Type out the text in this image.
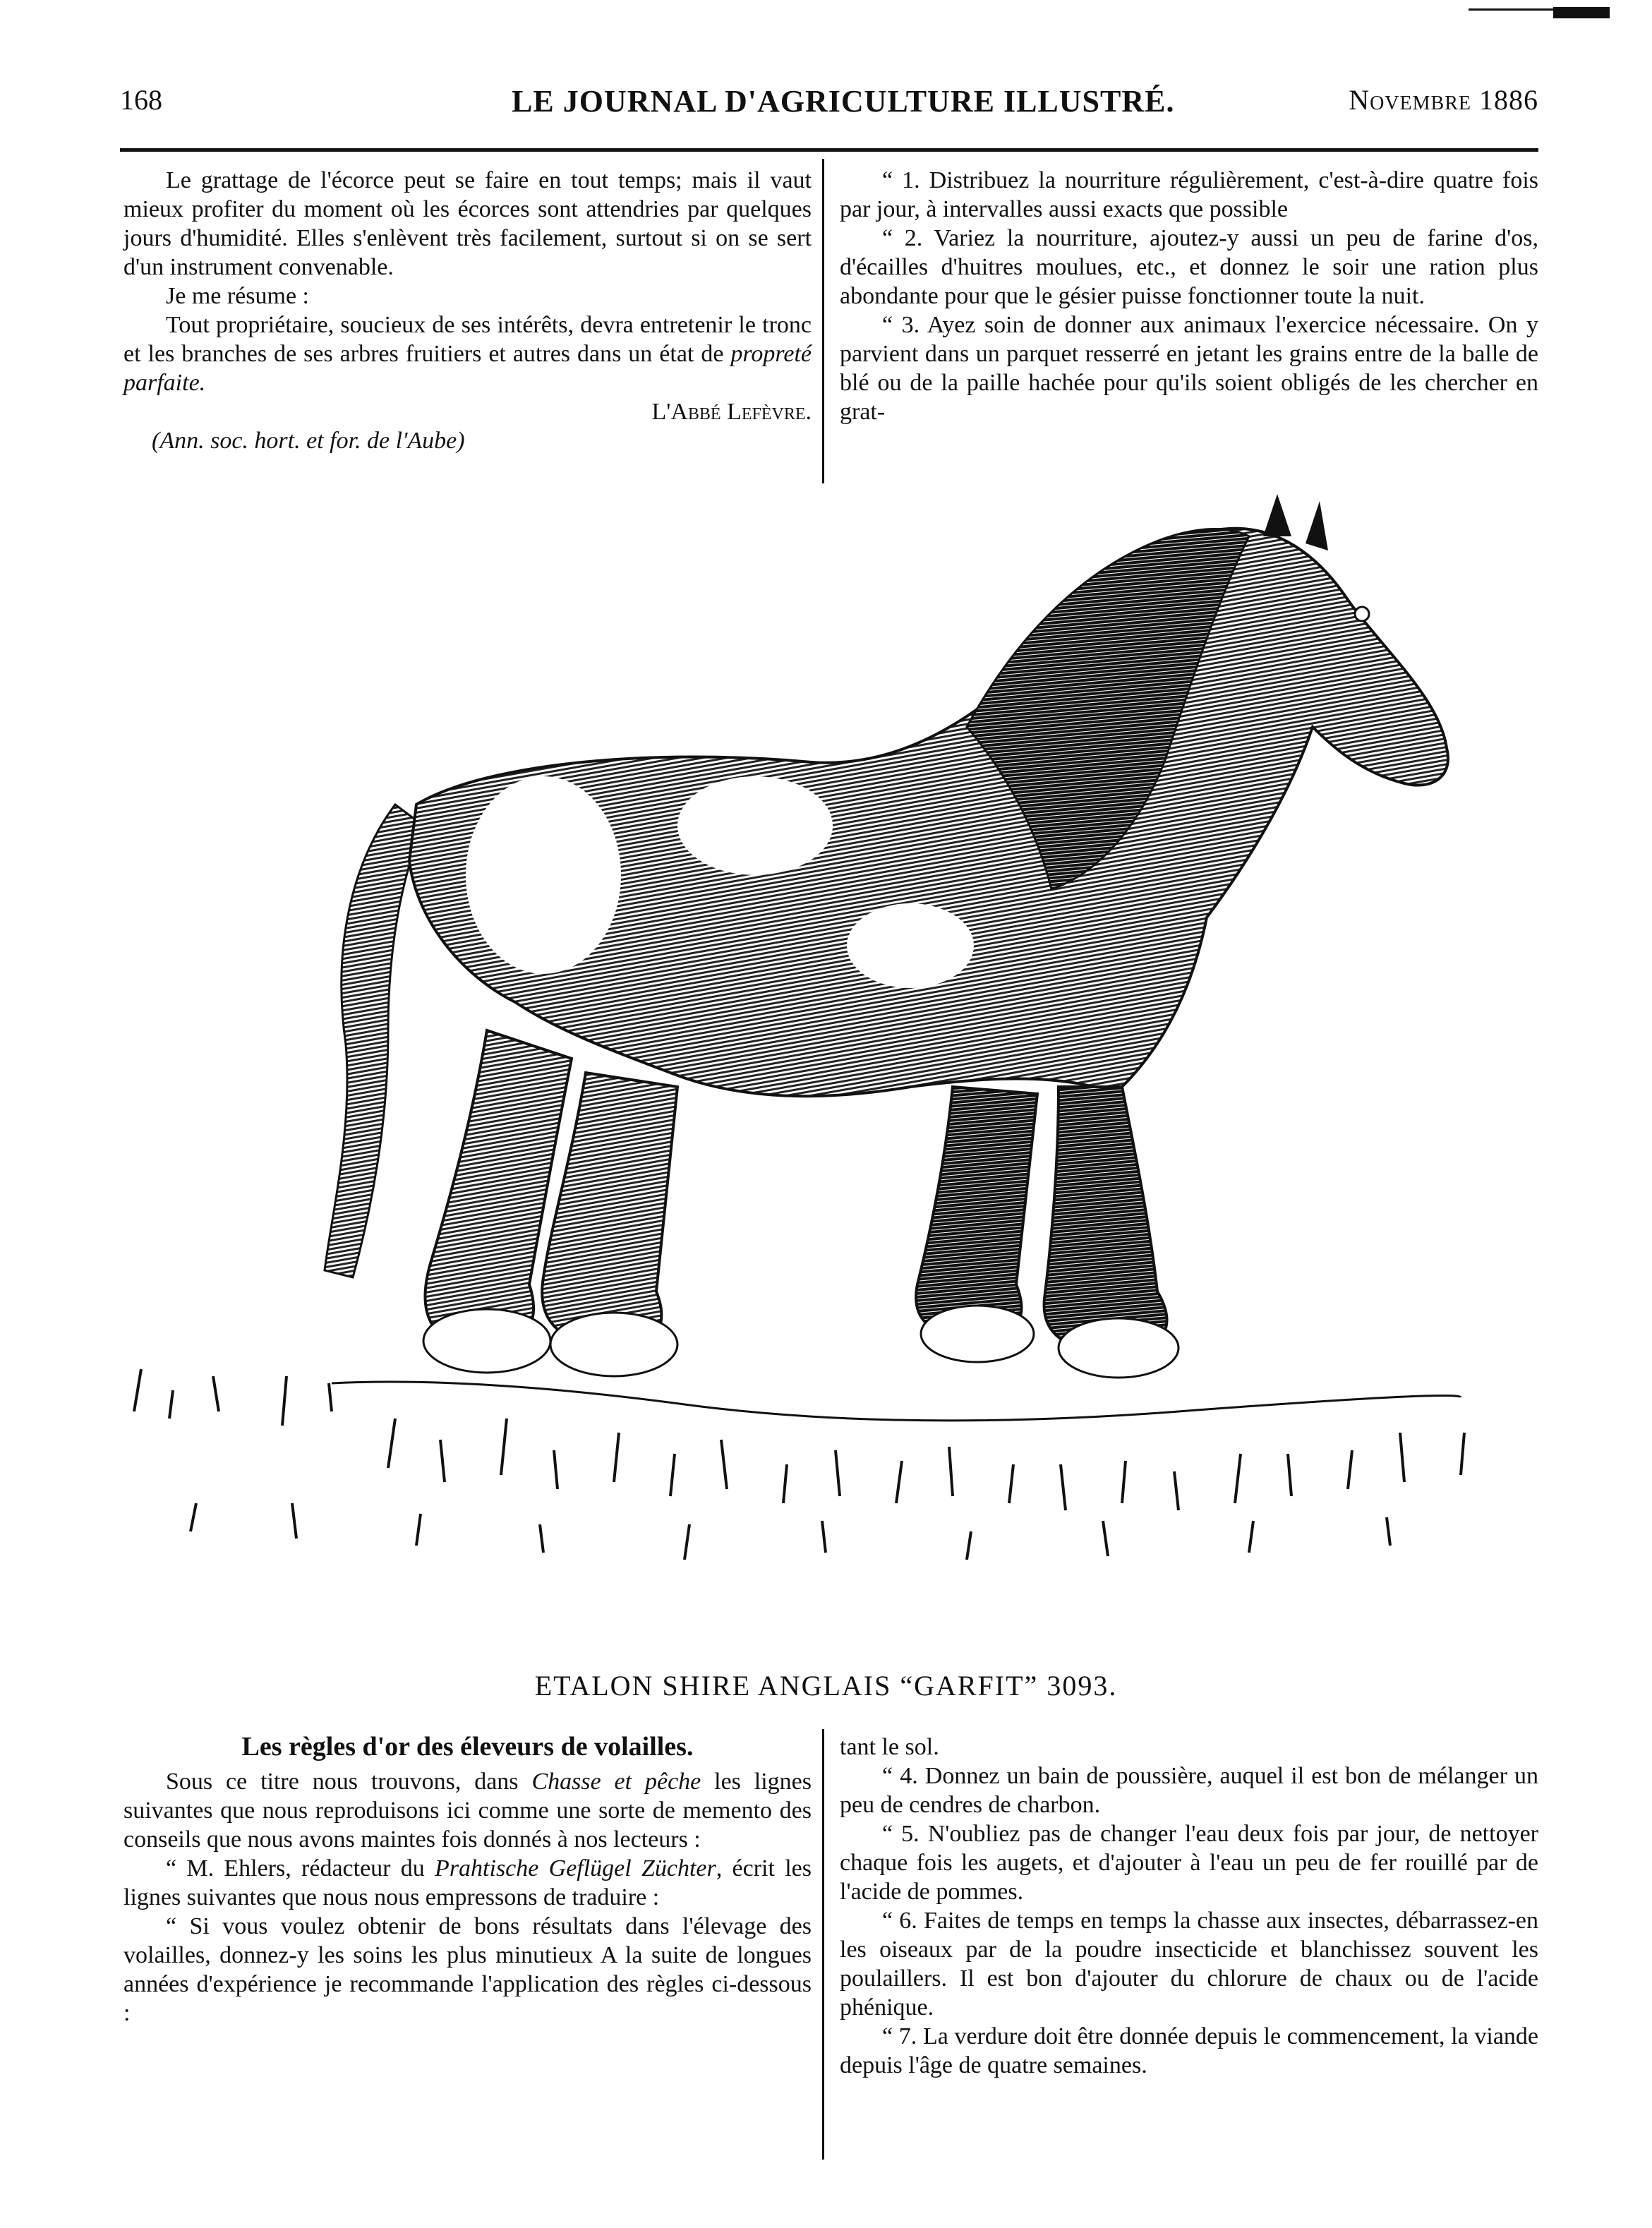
168	LE JOURNAL D'AGRICULTURE ILLUSTRÉ.	Novembre 1886

Le grattage de l'écorce peut se faire en tout temps; mais il vaut mieux profiter du moment où les écorces sont attendries par quelques jours d'humidité. Elles s'enlèvent très facilement, surtout si on se sert d'un instrument convenable.

Je me résume :

Tout propriétaire, soucieux de ses intérêts, devra entretenir le tronc et les branches de ses arbres fruitiers et autres dans un état de propreté parfaite.

L'Abbé Lefèvre.

(Ann. soc. hort. et for. de l'Aube)

“ 1. Distribuez la nourriture régulièrement, c'est-à-dire quatre fois par jour, à intervalles aussi exacts que possible

“ 2. Variez la nourriture, ajoutez-y aussi un peu de farine d'os, d'écailles d'huitres moulues, etc., et donnez le soir une ration plus abondante pour que le gésier puisse fonctionner toute la nuit.

“ 3. Ayez soin de donner aux animaux l'exercice nécessaire. On y parvient dans un parquet resserré en jetant les grains entre de la balle de blé ou de la paille hachée pour qu'ils soient obligés de les chercher en grat-

ETALON SHIRE ANGLAIS “GARFIT” 3093.

Les règles d'or des éleveurs de volailles.

Sous ce titre nous trouvons, dans Chasse et pêche les lignes suivantes que nous reproduisons ici comme une sorte de memento des conseils que nous avons maintes fois donnés à nos lecteurs :

“ M. Ehlers, rédacteur du Prahtische Geflügel Züchter, écrit les lignes suivantes que nous nous empressons de traduire :

“ Si vous voulez obtenir de bons résultats dans l'élevage des volailles, donnez-y les soins les plus minutieux A la suite de longues années d'expérience je recommande l'application des règles ci-dessous :

tant le sol.

“ 4. Donnez un bain de poussière, auquel il est bon de mélanger un peu de cendres de charbon.

“ 5. N'oubliez pas de changer l'eau deux fois par jour, de nettoyer chaque fois les augets, et d'ajouter à l'eau un peu de fer rouillé par de l'acide de pommes.

“ 6. Faites de temps en temps la chasse aux insectes, débarrassez-en les oiseaux par de la poudre insecticide et blanchissez souvent les poulaillers. Il est bon d'ajouter du chlorure de chaux ou de l'acide phénique.

“ 7. La verdure doit être donnée depuis le commencement, la viande depuis l'âge de quatre semaines.
